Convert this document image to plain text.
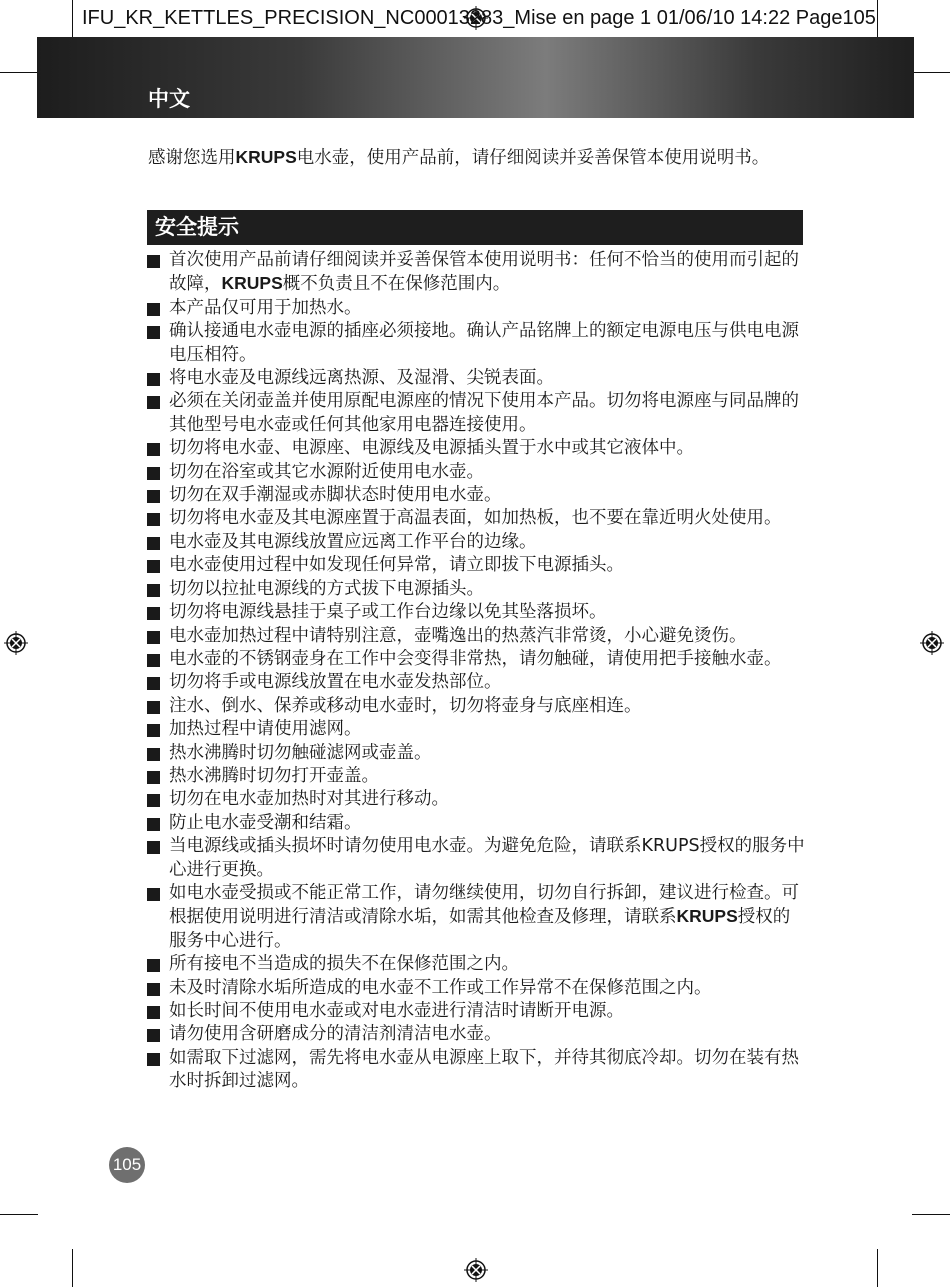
IFU_KR_KETTLES_PRECISION_NC00013283_Mise en page 1 01/06/10 14:22 Page105
中文

感谢您选用KRUPS电水壶，使用产品前，请仔细阅读并妥善保管本使用说明书。

安全提示
首次使用产品前请仔细阅读并妥善保管本使用说明书：任何不恰当的使用而引起的故障，KRUPS概不负责且不在保修范围内。
本产品仅可用于加热水。
确认接通电水壶电源的插座必须接地。确认产品铭牌上的额定电源电压与供电电源电压相符。
将电水壶及电源线远离热源、及湿滑、尖锐表面。
必须在关闭壶盖并使用原配电源座的情况下使用本产品。切勿将电源座与同品牌的其他型号电水壶或任何其他家用电器连接使用。
切勿将电水壶、电源座、电源线及电源插头置于水中或其它液体中。
切勿在浴室或其它水源附近使用电水壶。
切勿在双手潮湿或赤脚状态时使用电水壶。
切勿将电水壶及其电源座置于高温表面，如加热板，也不要在靠近明火处使用。
电水壶及其电源线放置应远离工作平台的边缘。
电水壶使用过程中如发现任何异常，请立即拔下电源插头。
切勿以拉扯电源线的方式拔下电源插头。
切勿将电源线悬挂于桌子或工作台边缘以免其坠落损坏。
电水壶加热过程中请特别注意，壶嘴逸出的热蒸汽非常烫，小心避免烫伤。
电水壶的不锈钢壶身在工作中会变得非常热，请勿触碰，请使用把手接触水壶。
切勿将手或电源线放置在电水壶发热部位。
注水、倒水、保养或移动电水壶时，切勿将壶身与底座相连。
加热过程中请使用滤网。
热水沸腾时切勿触碰滤网或壶盖。
热水沸腾时切勿打开壶盖。
切勿在电水壶加热时对其进行移动。
防止电水壶受潮和结霜。
当电源线或插头损坏时请勿使用电水壶。为避免危险，请联系KRUPS授权的服务中心进行更换。
如电水壶受损或不能正常工作，请勿继续使用，切勿自行拆卸，建议进行检查。可根据使用说明进行清洁或清除水垢，如需其他检查及修理，请联系KRUPS授权的服务中心进行。
所有接电不当造成的损失不在保修范围之内。
未及时清除水垢所造成的电水壶不工作或工作异常不在保修范围之内。
如长时间不使用电水壶或对电水壶进行清洁时请断开电源。
请勿使用含研磨成分的清洁剂清洁电水壶。
如需取下过滤网，需先将电水壶从电源座上取下，并待其彻底冷却。切勿在装有热水时拆卸过滤网。
105
